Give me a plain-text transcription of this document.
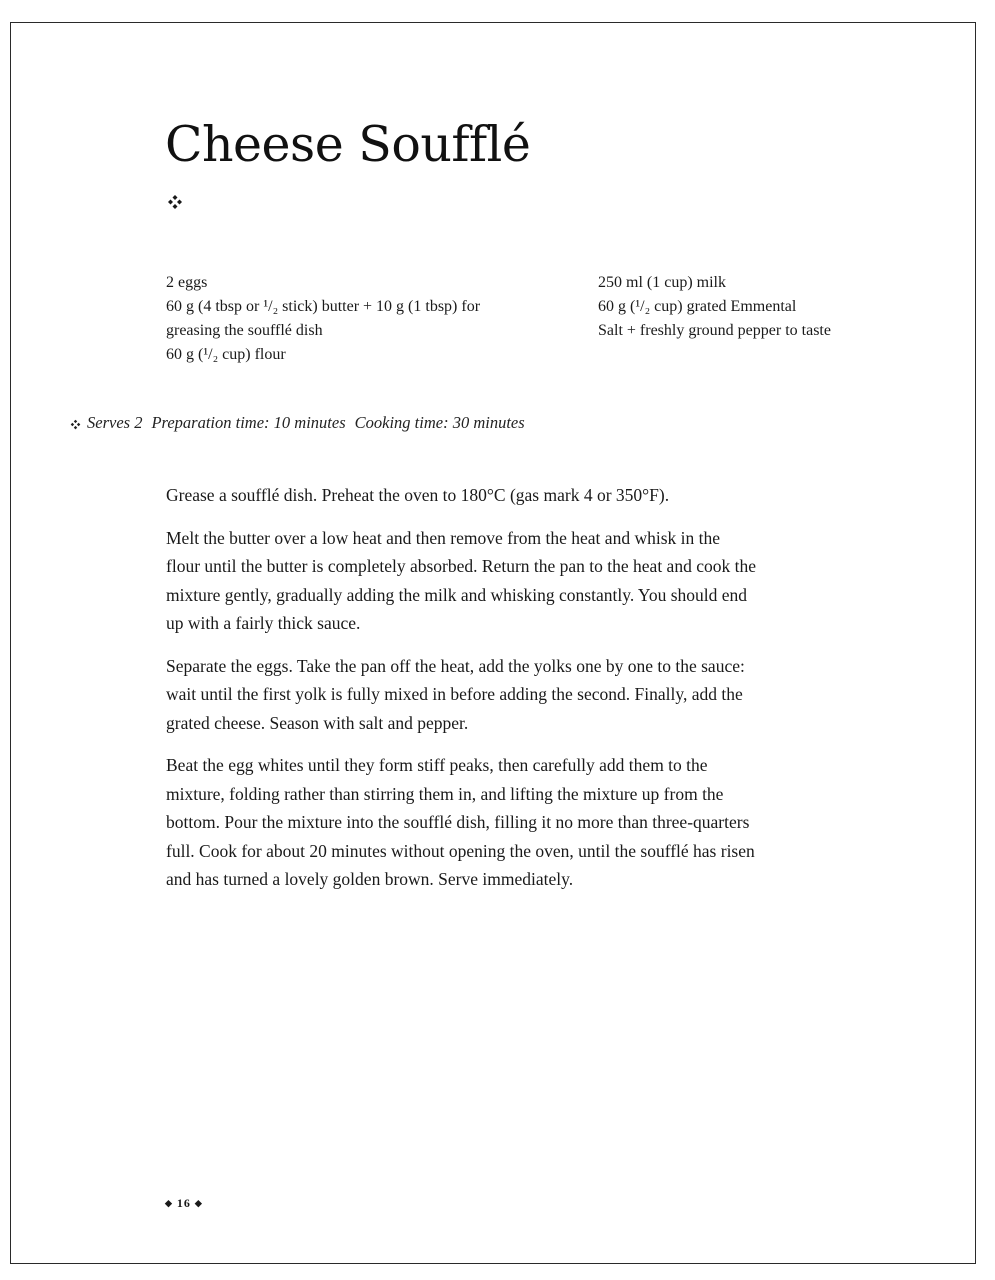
Cheese Soufflé
2 eggs
60 g (4 tbsp or ¹/₂ stick) butter + 10 g (1 tbsp) for
greasing the soufflé dish
60 g (¹/₂ cup) flour
250 ml (1 cup) milk
60 g (¹/₂ cup) grated Emmental
Salt + freshly ground pepper to taste
Serves 2 Preparation time: 10 minutes Cooking time: 30 minutes

Grease a soufflé dish. Preheat the oven to 180°C (gas mark 4 or 350°F).

Melt the butter over a low heat and then remove from the heat and whisk in the flour until the butter is completely absorbed. Return the pan to the heat and cook the mixture gently, gradually adding the milk and whisking constantly. You should end up with a fairly thick sauce.

Separate the eggs. Take the pan off the heat, add the yolks one by one to the sauce: wait until the first yolk is fully mixed in before adding the second. Finally, add the grated cheese. Season with salt and pepper.

Beat the egg whites until they form stiff peaks, then carefully add them to the mixture, folding rather than stirring them in, and lifting the mixture up from the bottom. Pour the mixture into the soufflé dish, filling it no more than three-quarters full. Cook for about 20 minutes without opening the oven, until the soufflé has risen and has turned a lovely golden brown. Serve immediately.

◆ 16 ◆
